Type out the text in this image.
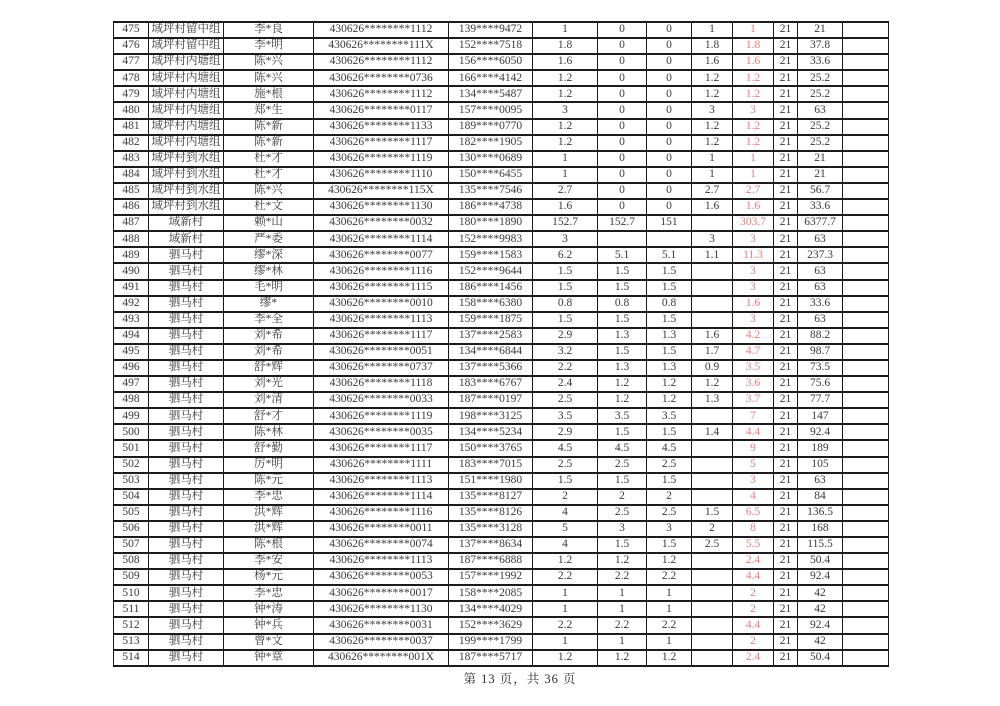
475	域坪村留中组	李*良	430626********1112	139****9472	1	0	0	1	1	21	21	
476	域坪村留中组	李*明	430626********111X	152****7518	1.8	0	0	1.8	1.8	21	37.8	
477	域坪村内塘组	陈*兴	430626********1112	156****6050	1.6	0	0	1.6	1.6	21	33.6	
478	域坪村内塘组	陈*兴	430626********0736	166****4142	1.2	0	0	1.2	1.2	21	25.2	
479	域坪村内塘组	施*根	430626********1112	134****5487	1.2	0	0	1.2	1.2	21	25.2	
480	域坪村内塘组	郑*生	430626********0117	157****0095	3	0	0	3	3	21	63	
481	域坪村内塘组	陈*新	430626********1133	189****0770	1.2	0	0	1.2	1.2	21	25.2	
482	域坪村内塘组	陈*新	430626********1117	182****1905	1.2	0	0	1.2	1.2	21	25.2	
483	域坪村到水组	杜*才	430626********1119	130****0689	1	0	0	1	1	21	21	
484	域坪村到水组	杜*才	430626********1110	150****6455	1	0	0	1	1	21	21	
485	域坪村到水组	陈*兴	430626********115X	135****7546	2.7	0	0	2.7	2.7	21	56.7	
486	域坪村到水组	杜*文	430626********1130	186****4738	1.6	0	0	1.6	1.6	21	33.6	
487	域新村	赖*山	430626********0032	180****1890	152.7	152.7	151		303.7	21	6377.7	
488	域新村	严*委	430626********1114	152****9983	3			3	3	21	63	
489	驷马村	缪*深	430626********0077	159****1583	6.2	5.1	5.1	1.1	11.3	21	237.3	
490	驷马村	缪*林	430626********1116	152****9644	1.5	1.5	1.5		3	21	63	
491	驷马村	毛*明	430626********1115	186****1456	1.5	1.5	1.5		3	21	63	
492	驷马村	缪*	430626********0010	158****6380	0.8	0.8	0.8		1.6	21	33.6	
493	驷马村	李*全	430626********1113	159****1875	1.5	1.5	1.5		3	21	63	
494	驷马村	刘*希	430626********1117	137****2583	2.9	1.3	1.3	1.6	4.2	21	88.2	
495	驷马村	刘*希	430626********0051	134****6844	3.2	1.5	1.5	1.7	4.7	21	98.7	
496	驷马村	舒*辉	430626********0737	137****5366	2.2	1.3	1.3	0.9	3.5	21	73.5	
497	驷马村	刘*光	430626********1118	183****6767	2.4	1.2	1.2	1.2	3.6	21	75.6	
498	驷马村	刘*清	430626********0033	187****0197	2.5	1.2	1.2	1.3	3.7	21	77.7	
499	驷马村	舒*才	430626********1119	198****3125	3.5	3.5	3.5		7	21	147	
500	驷马村	陈*林	430626********0035	134****5234	2.9	1.5	1.5	1.4	4.4	21	92.4	
501	驷马村	舒*勤	430626********1117	150****3765	4.5	4.5	4.5		9	21	189	
502	驷马村	厉*明	430626********1111	183****7015	2.5	2.5	2.5		5	21	105	
503	驷马村	陈*元	430626********1113	151****1980	1.5	1.5	1.5		3	21	63	
504	驷马村	李*忠	430626********1114	135****8127	2	2	2		4	21	84	
505	驷马村	洪*辉	430626********1116	135****8126	4	2.5	2.5	1.5	6.5	21	136.5	
506	驷马村	洪*辉	430626********0011	135****3128	5	3	3	2	8	21	168	
507	驷马村	陈*根	430626********0074	137****8634	4	1.5	1.5	2.5	5.5	21	115.5	
508	驷马村	李*安	430626********1113	187****6888	1.2	1.2	1.2		2.4	21	50.4	
509	驷马村	杨*元	430626********0053	157****1992	2.2	2.2	2.2		4.4	21	92.4	
510	驷马村	李*忠	430626********0017	158****2085	1	1	1		2	21	42	
511	驷马村	钟*涛	430626********1130	134****4029	1	1	1		2	21	42	
512	驷马村	钟*兵	430626********0031	152****3629	2.2	2.2	2.2		4.4	21	92.4	
513	驷马村	曾*文	430626********0037	199****1799	1	1	1		2	21	42	
514	驷马村	钟*章	430626********001X	187****5717	1.2	1.2	1.2		2.4	21	50.4	
第 13 页，共 36 页
